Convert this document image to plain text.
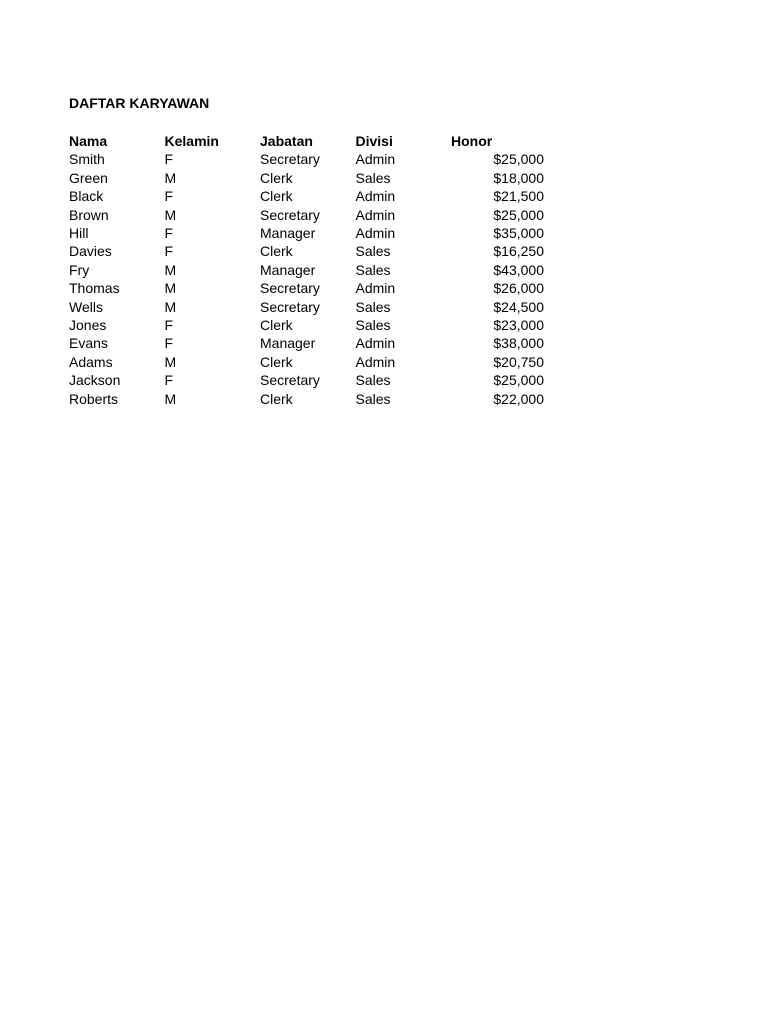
DAFTAR KARYAWAN
Nama	Kelamin	Jabatan	Divisi	Honor
Smith	F	Secretary	Admin	$25,000
Green	M	Clerk	Sales	$18,000
Black	F	Clerk	Admin	$21,500
Brown	M	Secretary	Admin	$25,000
Hill	F	Manager	Admin	$35,000
Davies	F	Clerk	Sales	$16,250
Fry	M	Manager	Sales	$43,000
Thomas	M	Secretary	Admin	$26,000
Wells	M	Secretary	Sales	$24,500
Jones	F	Clerk	Sales	$23,000
Evans	F	Manager	Admin	$38,000
Adams	M	Clerk	Admin	$20,750
Jackson	F	Secretary	Sales	$25,000
Roberts	M	Clerk	Sales	$22,000
